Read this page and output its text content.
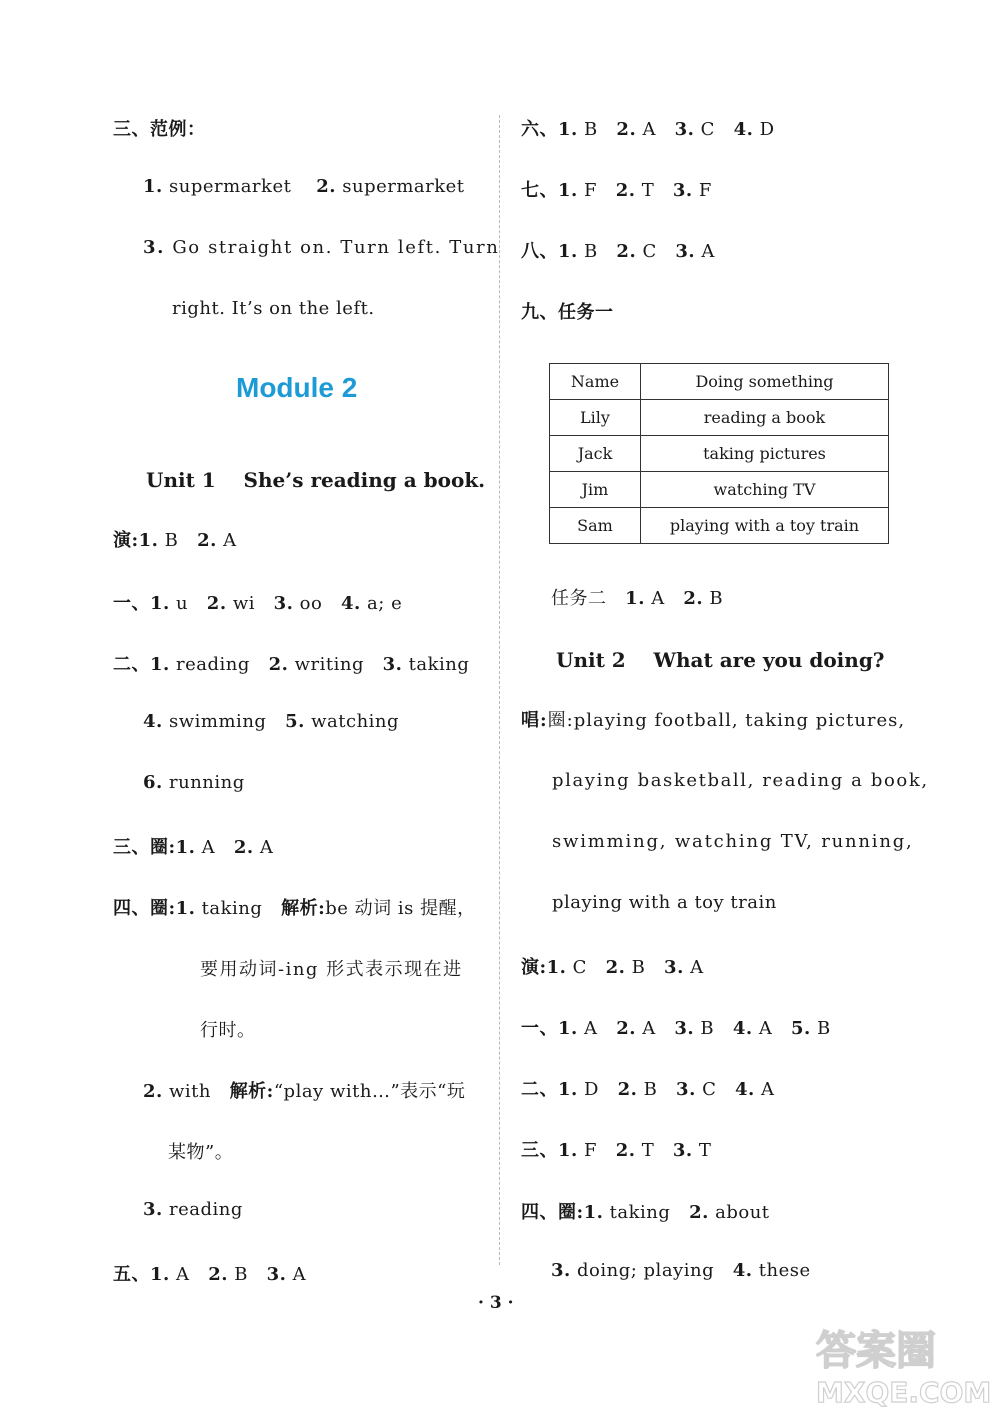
三、范例：
1. supermarket 2. supermarket
3. Go straight on. Turn left. Turn
right. It’s on the left.
Module 2
Unit 1    She’s reading a book.
演:1. B 2. A
一、1. u 2. wi 3. oo 4. a; e
二、1. reading 2. writing 3. taking
4. swimming 5. watching
6. running
三、圈:1. A 2. A
四、圈:1. taking 解析:be 动词 is 提醒，
要用动词-ing 形式表示现在进
行时。
2. with 解析:“play with…”表示“玩
某物”。
3. reading
五、1. A 2. B 3. A
六、1. B 2. A 3. C 4. D
七、1. F 2. T 3. F
八、1. B 2. C 3. A
九、任务一
Name	Doing something
Lily	reading a book
Jack	taking pictures
Jim	watching TV
Sam	playing with a toy train
任务二 1. A 2. B
Unit 2    What are you doing?
唱:圈:playing football, taking pictures,
playing basketball, reading a book,
swimming, watching TV, running,
playing with a toy train
演:1. C 2. B 3. A
一、1. A 2. A 3. B 4. A 5. B
二、1. D 2. B 3. C 4. A
三、1. F 2. T 3. T
四、圈:1. taking 2. about
3. doing; playing 4. these
· 3 ·
答案圈
MXQE.COM
